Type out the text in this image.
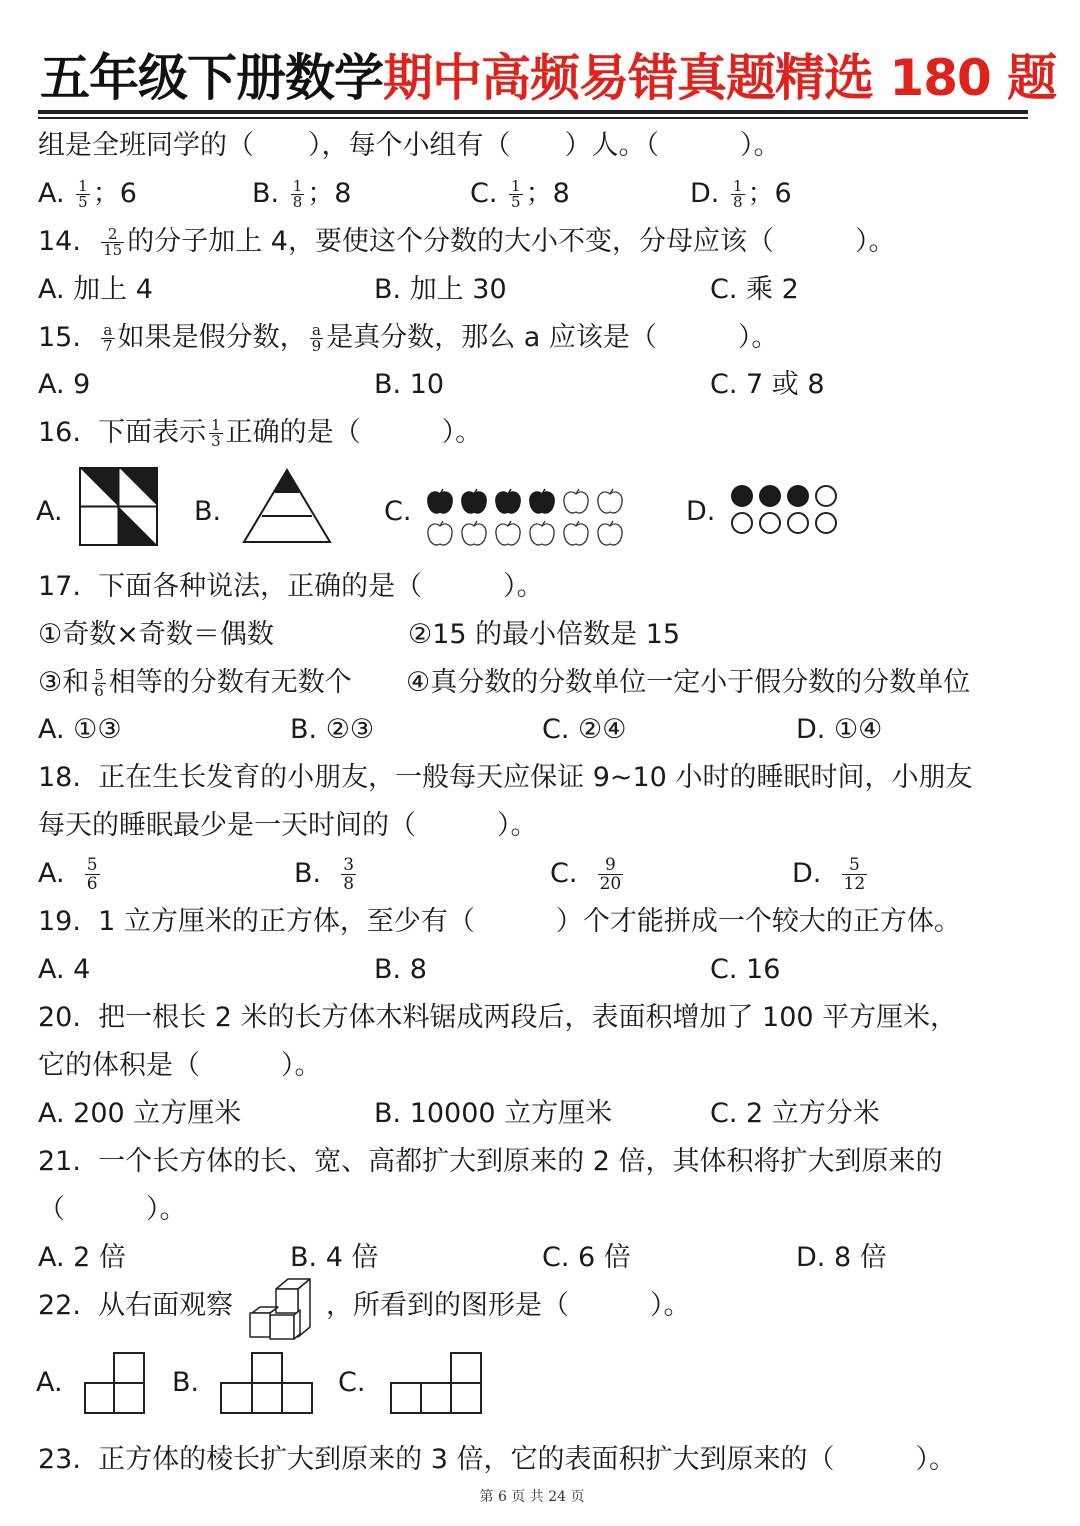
五年级下册数学期中高频易错真题精选 180 题
组是全班同学的（　　），每个小组有（　　）人。（　　　）。
A. $\frac{1}{5}$ ；6	B. $\frac{1}{8}$ ；8	C. $\frac{1}{5}$ ；8	D. $\frac{1}{8}$ ；6
14. $\frac{2}{15}$ 的分子加上 4，要使这个分数的大小不变，分母应该（　　　）。
A. 加上 4	B. 加上 30	C. 乘 2
15. $\frac{a}{7}$ 如果是假分数， $\frac{a}{9}$ 是真分数，那么 a 应该是（　　　）。
A. 9	B. 10	C. 7 或 8
16. 下面表示 $\frac{1}{3}$ 正确的是（　　　）。
A.	B.	C.	D.
17. 下面各种说法，正确的是（　　　）。
①奇数×奇数＝偶数	②15 的最小倍数是 15
③和 $\frac{5}{6}$ 相等的分数有无数个 ④真分数的分数单位一定小于假分数的分数单位
A. ①③	B. ②③	C. ②④	D. ①④
18. 正在生长发育的小朋友，一般每天应保证 9~10 小时的睡眠时间，小朋友
每天的睡眠最少是一天时间的（　　　）。
A. $\frac{5}{6}$	B. $\frac{3}{8}$	C. $\frac{9}{20}$	D. $\frac{5}{12}$
19. 1 立方厘米的正方体，至少有（　　　）个才能拼成一个较大的正方体。
A. 4	B. 8	C. 16
20. 把一根长 2 米的长方体木料锯成两段后，表面积增加了 100 平方厘米，
它的体积是（　　　）。
A. 200 立方厘米	B. 10000 立方厘米	C. 2 立方分米
21. 一个长方体的长、宽、高都扩大到原来的 2 倍，其体积将扩大到原来的
（　　　）。
A. 2 倍	B. 4 倍	C. 6 倍	D. 8 倍
22. 从右面观察	，所看到的图形是（　　　）。
A.	B.	C.
23. 正方体的棱长扩大到原来的 3 倍，它的表面积扩大到原来的（　　　）。
第 6 页 共 24 页
